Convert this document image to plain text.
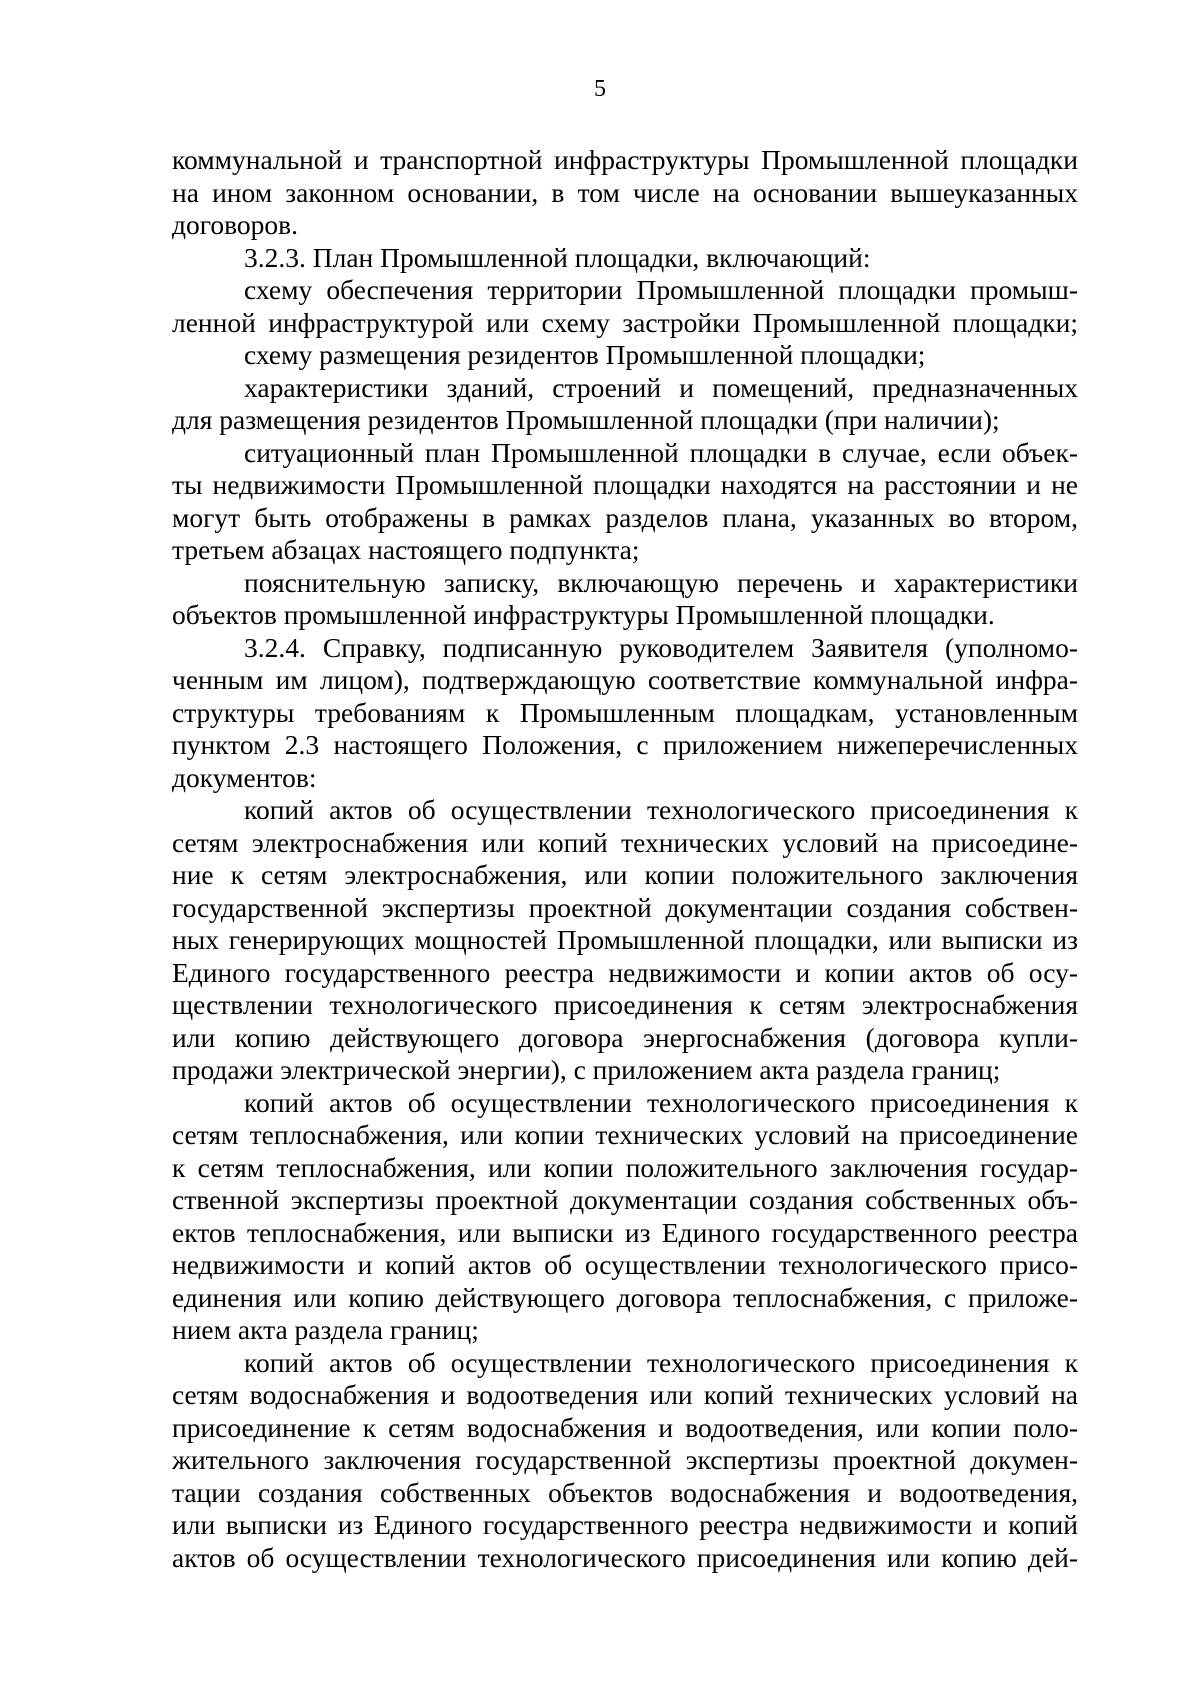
5
коммунальной и транспортной инфраструктуры Промышленной площадки
на ином законном основании, в том числе на основании вышеуказанных
договоров.
3.2.3. План Промышленной площадки, включающий:
схему обеспечения территории Промышленной площадки промыш-
ленной инфраструктурой или схему застройки Промышленной площадки;
схему размещения резидентов Промышленной площадки;
характеристики зданий, строений и помещений, предназначенных
для размещения резидентов Промышленной площадки (при наличии);
ситуационный план Промышленной площадки в случае, если объек-
ты недвижимости Промышленной площадки находятся на расстоянии и не
могут быть отображены в рамках разделов плана, указанных во втором,
третьем абзацах настоящего подпункта;
пояснительную записку, включающую перечень и характеристики
объектов промышленной инфраструктуры Промышленной площадки.
3.2.4. Справку, подписанную руководителем Заявителя (уполномо-
ченным им лицом), подтверждающую соответствие коммунальной инфра-
структуры требованиям к Промышленным площадкам, установленным
пунктом 2.3 настоящего Положения, с приложением нижеперечисленных
документов:
копий актов об осуществлении технологического присоединения к
сетям электроснабжения или копий технических условий на присоедине-
ние к сетям электроснабжения, или копии положительного заключения
государственной экспертизы проектной документации создания собствен-
ных генерирующих мощностей Промышленной площадки, или выписки из
Единого государственного реестра недвижимости и копии актов об осу-
ществлении технологического присоединения к сетям электроснабжения
или копию действующего договора энергоснабжения (договора купли-
продажи электрической энергии), с приложением акта раздела границ;
копий актов об осуществлении технологического присоединения к
сетям теплоснабжения, или копии технических условий на присоединение
к сетям теплоснабжения, или копии положительного заключения государ-
ственной экспертизы проектной документации создания собственных объ-
ектов теплоснабжения, или выписки из Единого государственного реестра
недвижимости и копий актов об осуществлении технологического присо-
единения или копию действующего договора теплоснабжения, с приложе-
нием акта раздела границ;
копий актов об осуществлении технологического присоединения к
сетям водоснабжения и водоотведения или копий технических условий на
присоединение к сетям водоснабжения и водоотведения, или копии поло-
жительного заключения государственной экспертизы проектной докумен-
тации создания собственных объектов водоснабжения и водоотведения,
или выписки из Единого государственного реестра недвижимости и копий
актов об осуществлении технологического присоединения или копию дей-
